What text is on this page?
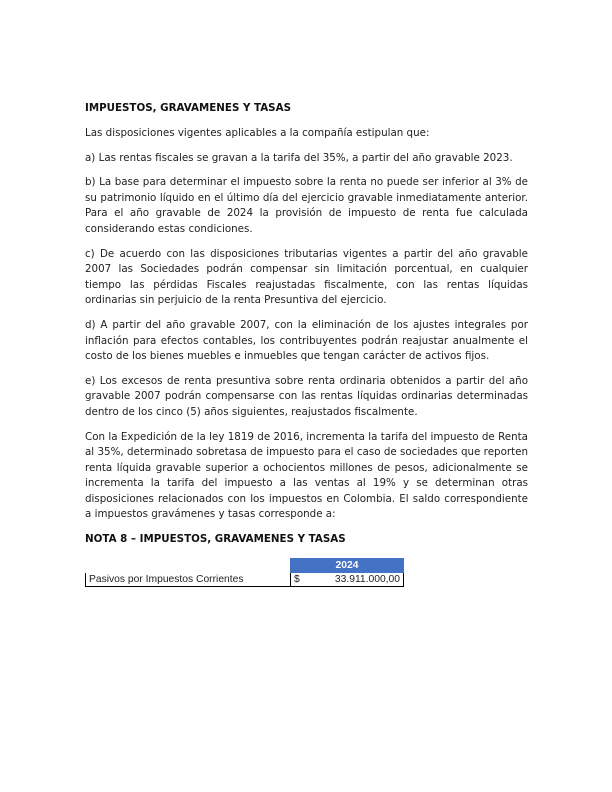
IMPUESTOS, GRAVAMENES Y TASAS

Las disposiciones vigentes aplicables a la compañía estipulan que:

a) Las rentas fiscales se gravan a la tarifa del 35%, a partir del año gravable 2023.

b) La base para determinar el impuesto sobre la renta no puede ser inferior al 3% de su patrimonio líquido en el último día del ejercicio gravable inmediatamente anterior. Para el año gravable de 2024 la provisión de impuesto de renta fue calculada considerando estas condiciones.

c) De acuerdo con las disposiciones tributarias vigentes a partir del año gravable 2007 las Sociedades podrán compensar sin limitación porcentual, en cualquier tiempo las pérdidas Fiscales reajustadas fiscalmente, con las rentas líquidas ordinarias sin perjuicio de la renta Presuntiva del ejercicio.

d) A partir del año gravable 2007, con la eliminación de los ajustes integrales por inflación para efectos contables, los contribuyentes podrán reajustar anualmente el costo de los bienes muebles e inmuebles que tengan carácter de activos fijos.

e) Los excesos de renta presuntiva sobre renta ordinaria obtenidos a partir del año gravable 2007 podrán compensarse con las rentas líquidas ordinarias determinadas dentro de los cinco (5) años siguientes, reajustados fiscalmente.

Con la Expedición de la ley 1819 de 2016, incrementa la tarifa del impuesto de Renta al 35%, determinado sobretasa de impuesto para el caso de sociedades que reporten renta líquida gravable superior a ochocientos millones de pesos, adicionalmente se incrementa la tarifa del impuesto a las ventas al 19% y se determinan otras disposiciones relacionados con los impuestos en Colombia. El saldo correspondiente a impuestos gravámenes y tasas corresponde a:

NOTA 8 – IMPUESTOS, GRAVAMENES Y TASAS
	2024	
Pasivos por Impuestos Corrientes	$	33.911.000,00
